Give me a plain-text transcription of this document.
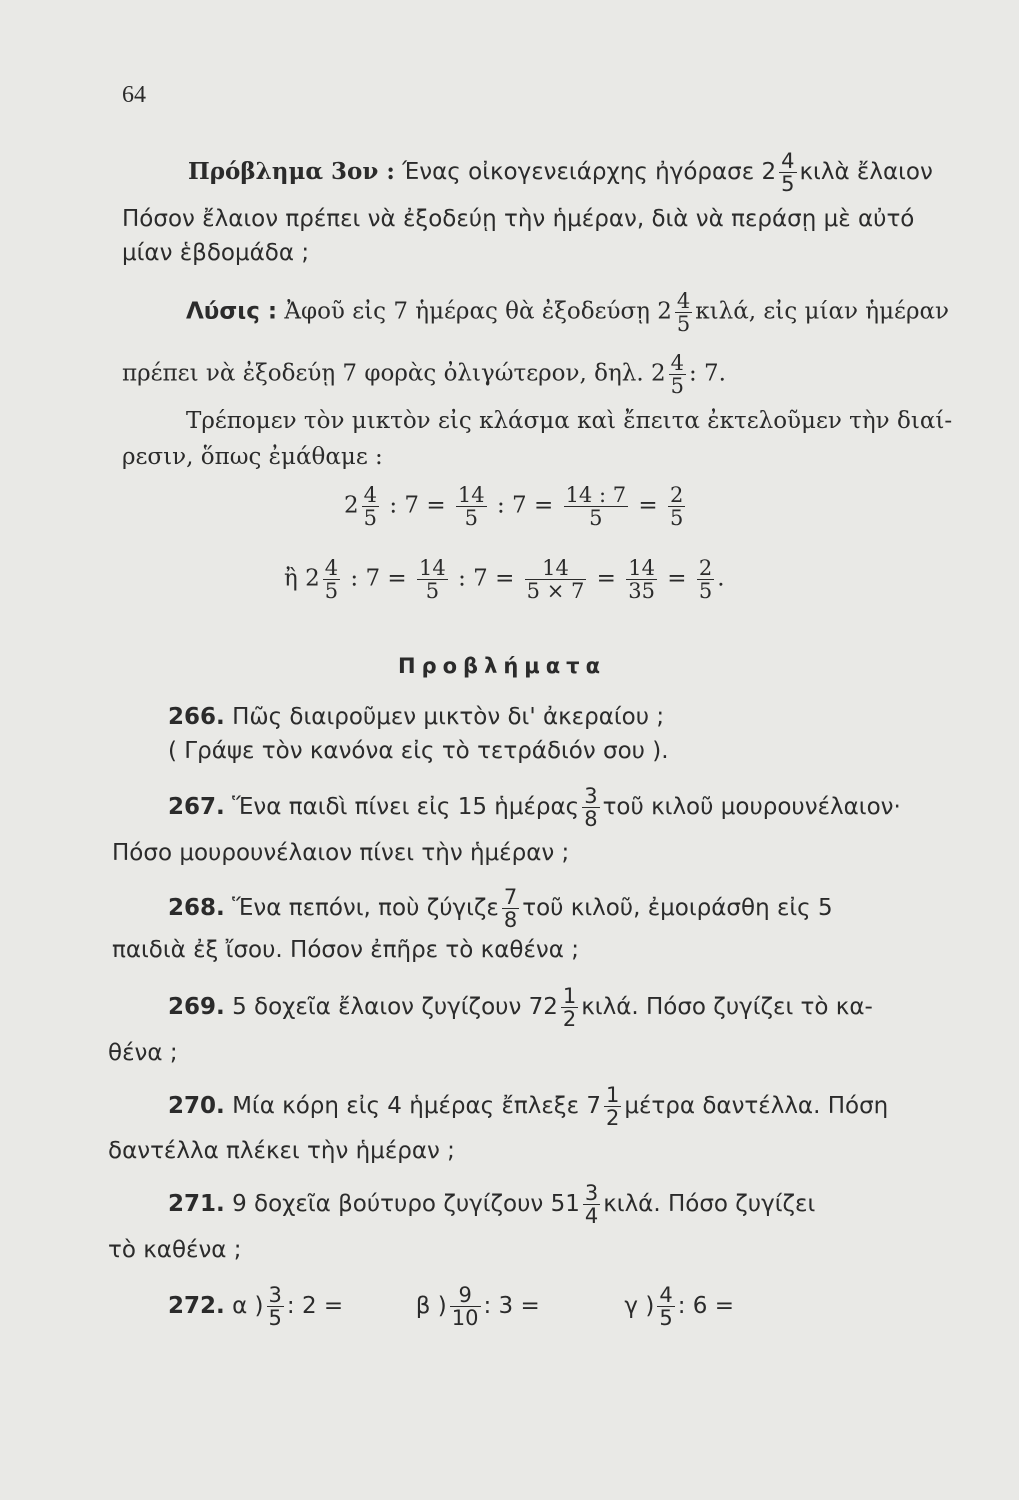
64
Πρόβλημα 3ον : Ένας οἰκογενειάρχης ἠγόρασε $2 \frac{4}{5}$ κιλὰ ἔλαιον
Πόσον ἔλαιον πρέπει νὰ ἐξοδεύῃ τὴν ἡμέραν, διὰ νὰ περάσῃ μὲ αὐτό
μίαν ἑβδομάδα ;
Λύσις : Ἀφοῦ εἰς 7 ἡμέρας θὰ ἐξοδεύσῃ $2 \frac{4}{5} \kappa\iota\lambda ά$, εἰς μίαν ἡμέραν
πρέπει νὰ ἐξοδεύῃ 7 φορὰς ὀλιγώτερον, δηλ. $2 \frac{4}{5}$ : 7.
Τρέπομεν τὸν μικτὸν εἰς κλάσμα καὶ ἔπειτα ἐκτελοῦμεν τὴν διαί-
ρεσιν, ὅπως ἐμάθαμε :
$2 \frac{4}{5}$ : $7 = \frac{14}{5}$ : $7 = \frac{14 : 7}{5} = \frac{2}{5}$
ἢ $2 \frac{4}{5}$ : $7 = \frac{14}{5}$ : $7 = \frac{14}{5 \times 7} = \frac{14}{35} = \frac{2}{5}$ .
Προβλήματα
266. Πῶς διαιροῦμεν μικτὸν δι' ἀκεραίου ;
( Γράψε τὸν κανόνα εἰς τὸ τετράδιόν σου ).
267. Ἕνα παιδὶ πίνει εἰς 15 ἡμέρας $\frac{3}{8}$ τοῦ κιλοῦ μουρουνέλαιον·
Πόσο μουρουνέλαιον πίνει τὴν ἡμέραν ;
268. Ἕνα πεπόνι, ποὺ ζύγιζε $\frac{7}{8}$ τοῦ κιλοῦ, ἐμοιράσθη εἰς 5
παιδιὰ ἐξ ἴσου. Πόσον ἐπῆρε τὸ καθένα ;
269. 5 δοχεῖα ἔλαιον ζυγίζουν $72 \frac{1}{2} \kappa\iota\lambda ά$. Πόσο ζυγίζει τὸ κα-
θένα ;
270. Μία κόρη εἰς 4 ἡμέρας ἔπλεξε $7 \frac{1}{2}$ μέτρα δαντέλλα. Πόση
δαντέλλα πλέκει τὴν ἡμέραν ;
271. 9 δοχεῖα βούτυρο ζυγίζουν $51 \frac{3}{4} \kappa\iota\lambda ά$. Πόσο ζυγίζει
τὸ καθένα ;
272. α ) $\frac{3}{5}$ : 2 =	β ) $\frac{9}{10}$ : 3 =	γ ) $\frac{4}{5}$ : 6 =
